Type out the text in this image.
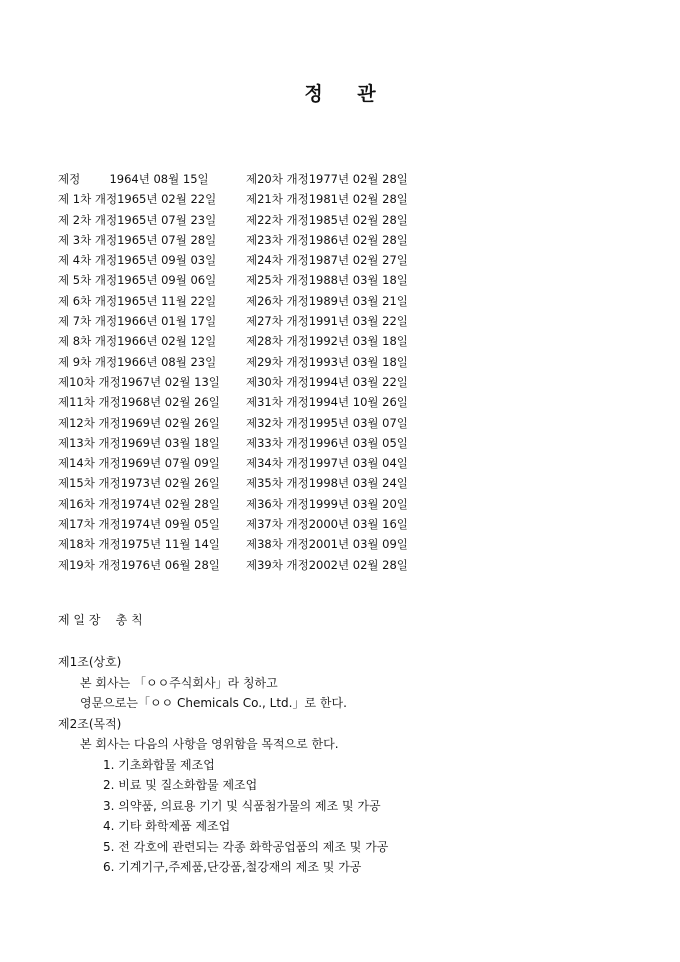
정 관
제정        1964년 08월 15일	제20차 개정1977년 02월 28일
제 1차 개정1965년 02월 22일	제21차 개정1981년 02월 28일
제 2차 개정1965년 07월 23일	제22차 개정1985년 02월 28일
제 3차 개정1965년 07월 28일	제23차 개정1986년 02월 28일
제 4차 개정1965년 09월 03일	제24차 개정1987년 02월 27일
제 5차 개정1965년 09월 06일	제25차 개정1988년 03월 18일
제 6차 개정1965년 11월 22일	제26차 개정1989년 03월 21일
제 7차 개정1966년 01월 17일	제27차 개정1991년 03월 22일
제 8차 개정1966년 02월 12일	제28차 개정1992년 03월 18일
제 9차 개정1966년 08월 23일	제29차 개정1993년 03월 18일
제10차 개정1967년 02월 13일	제30차 개정1994년 03월 22일
제11차 개정1968년 02월 26일	제31차 개정1994년 10월 26일
제12차 개정1969년 02월 26일	제32차 개정1995년 03월 07일
제13차 개정1969년 03월 18일	제33차 개정1996년 03월 05일
제14차 개정1969년 07월 09일	제34차 개정1997년 03월 04일
제15차 개정1973년 02월 26일	제35차 개정1998년 03월 24일
제16차 개정1974년 02월 28일	제36차 개정1999년 03월 20일
제17차 개정1974년 09월 05일	제37차 개정2000년 03월 16일
제18차 개정1975년 11월 14일	제38차 개정2001년 03월 09일
제19차 개정1976년 06월 28일	제39차 개정2002년 02월 28일
제 일 장    총 칙
제1조(상호)
본 회사는 「ㅇㅇ주식회사」라 칭하고
영문으로는「ㅇㅇ Chemicals Co., Ltd.」로 한다.
제2조(목적)
본 회사는 다음의 사항을 영위함을 목적으로 한다.
1. 기초화합물 제조업
2. 비료 및 질소화합물 제조업
3. 의약품, 의료용 기기 및 식품첨가물의 제조 및 가공
4. 기타 화학제품 제조업
5. 전 각호에 관련되는 각종 화학공업품의 제조 및 가공
6. 기계기구,주제품,단강품,철강재의 제조 및 가공
